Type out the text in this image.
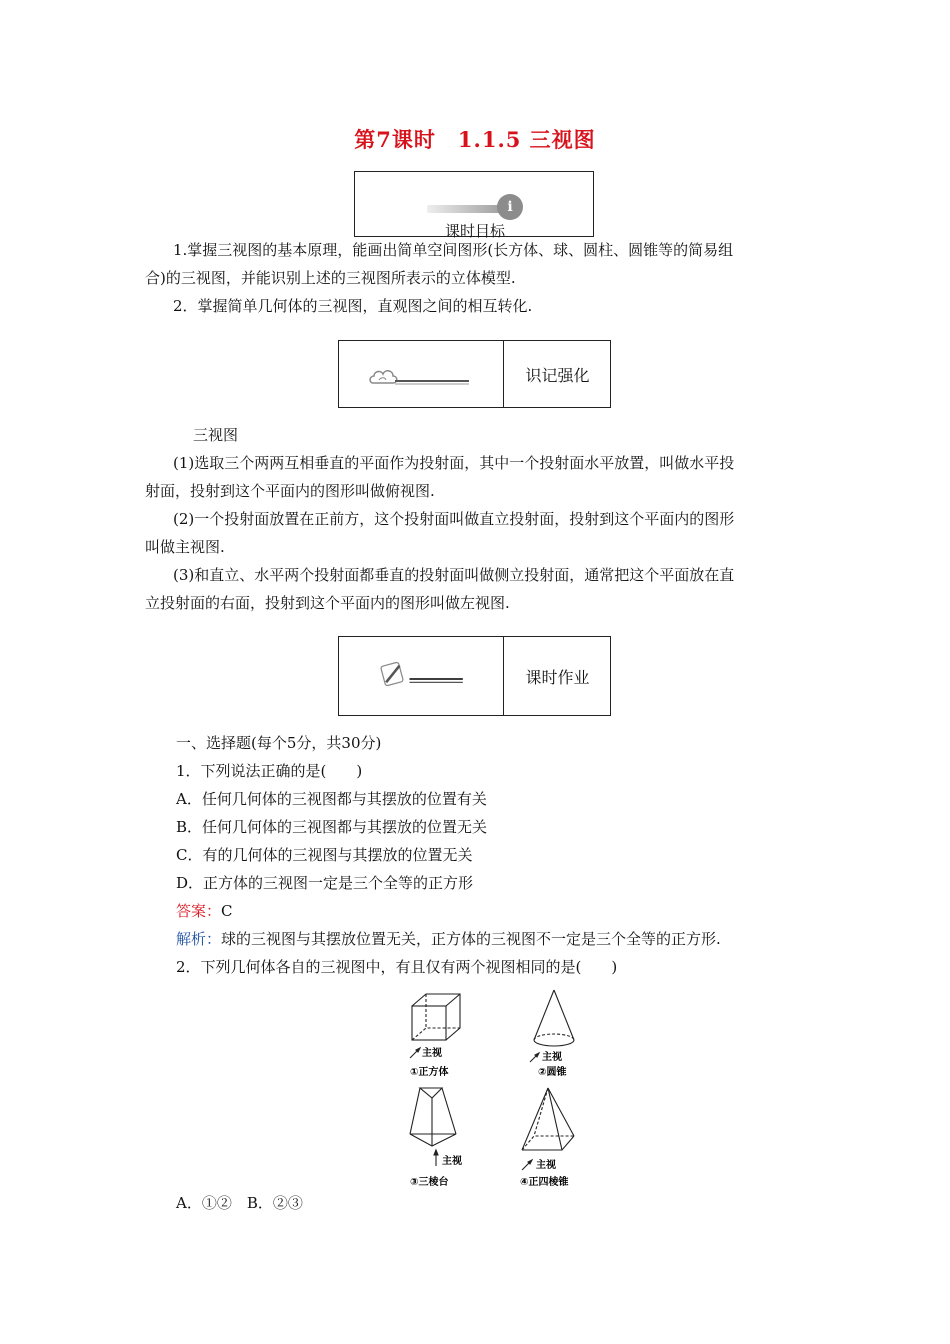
第7课时　1.1.5 三视图
i
课时目标
1.掌握三视图的基本原理，能画出简单空间图形(长方体、球、圆柱、圆锥等的简易组
合)的三视图，并能识别上述的三视图所表示的立体模型.
2．掌握简单几何体的三视图，直观图之间的相互转化.
识记强化
三视图
(1)选取三个两两互相垂直的平面作为投射面，其中一个投射面水平放置，叫做水平投
射面，投射到这个平面内的图形叫做俯视图.
(2)一个投射面放置在正前方，这个投射面叫做直立投射面，投射到这个平面内的图形
叫做主视图.
(3)和直立、水平两个投射面都垂直的投射面叫做侧立投射面，通常把这个平面放在直
立投射面的右面，投射到这个平面内的图形叫做左视图.
课时作业
一、选择题(每个5分，共30分)
1．下列说法正确的是(　　)
A．任何几何体的三视图都与其摆放的位置有关
B．任何几何体的三视图都与其摆放的位置无关
C．有的几何体的三视图与其摆放的位置无关
D．正方体的三视图一定是三个全等的正方形
答案：C
解析：球的三视图与其摆放位置无关，正方体的三视图不一定是三个全等的正方形.
2．下列几何体各自的三视图中，有且仅有两个视图相同的是(　　)
主视
①正方体
主视
②圆锥
主视
③三棱台
主视
④正四棱锥
A．①②　B．②③
